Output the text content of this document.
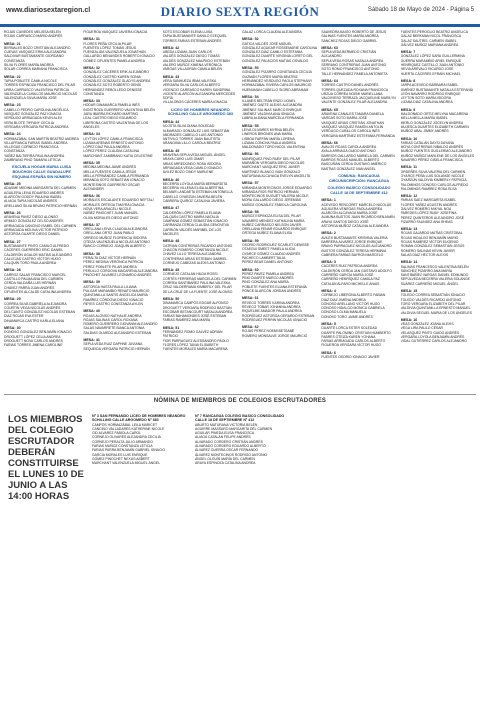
www.diariosextaregion.cl	DIARIO SEXTA REGIÓN	Sábado 18 de Mayo de 2024 - Página 5
ROJAS CAVIEDES MELISSA BELÉN
ROJAS CARRASCO MARIO ANDRÉS
MESA: 21
BERNALES BOZO CRISTIÁN ALEJANDRO
CUEVAS VASQUEZ ERIKA ALEJANDRA
SALDIVAR BUSTAMANTE GIORDANO CONSTANZA
SILVA FLORES MARÍA ANDREA
SOLAR CORREA MARIANA FRANCISCA
MESA: 22
TAPIA POBLETE CAMILA NICOLE
TORRES ESPINOZA FRANCISCO DEL PILAR
URRA CARRASCO VALENTINA PATRICIA
VALENZUELA CUBILLOS MAURICIO NICOLÁS
VALENZUELA SILVA MARÍA JOSÉ
MESA: 23
CABELLO PEDRO CAROLINA ANGÉLICA
VASQUEZ GONZÁLEZ PAZ IGNACIA
VERDUGO ARRIAGADA KEVIN ALEX
VERA BLOTE TIFFANY CECILIA
VERGARA VERGARA PATRICIA ANDREA
MESA: 24
HORMAZÁBAL SAN MARTÍN BEATRIZ ANDREA
VILLAFRANCA FARIAS ISABEL ANDREA
VILLEGAS CORNEJO FRANCISCA CONSTANZA
YAÑEZ BALTIERRA PAULINA ANDREA
ZAMBRANO PINO TAMARA LETICIA
ESCUELA HOGAR MARIA LUISA BOUCHON CALLE GUADALUPE ESQUINA ESPAÑA SIN NÚMERO
MESA: 25
ADASME MEDINA MARGARITA DEL CARMEN
AGUILERA LEIVA EDUARDO ANDRÉS
ALARCÓN GODOY PAULINA ISABEL
ALIAGA TAPIA NICOLÁS ANDRÉS
ARELLANO SILVA BRUNO PATRICIO HERNÁN
MESA: 26
ARAVENA PAVEZ DIEGO ALONSO
ARMIJO GONZÁLEZ CELSO ANDRÉS
ARRIAGADA CANCINO ISABEL DEL CARMEN
ARRIAGADA MOLINA VÍCTOR PATRICIO
ASTORGA GUARTE DIEGO DANIEL
MESA: 27
BUSTAMANTE PINTO CAMILO ALFREDO
CÁCERES GUERRERO ERIC DANIEL
CALDERÓN UGALDE MATÍAS ALEJANDRO
CALLEJAS CASTRO VÍCTOR HUGO
CALQUÍN TORO PAULA ANDREA
MESA: 28
CARROZ SALAS FRANCISCO MARCEL
CASTILLO PALMA ANA DEL CARMEN
CERDA SALDAÑA LUIS HERNÁN
CHAVEZ PARRA JUAN ANDRÉS
CIFUENTES ALCALDE CATALINA ANDREA
MESA: 29
CORREA SILVA GABRIELA ALEJANDRA
COURTIN VEGA NICOLÁS ANDRÉS
DEL CANTO GONZÁLEZ NICOLÁS ESTEBAN
DIAZ ROJAS EVA ESTER
DINAMARCA CASTRO KARLA ELIANA
MESA: 30
DONOSO GONZÁLEZ BENJAMÍN IGNACIO
DROGUETT LÓPEZ CELIA ANDREA
DROGUETT NOVA CARLOS ANDRÉS
FARIAS TORRES JIMENA CAROLINE
FIGUEROA VASQUEZ JAVIERA IGNACIA
MESA: 31
FLORES PEÑA CECILIA PILAR
FUENTES LÓPEZ TOMÁS JESÚS
FUENZALIDA VALENZUELA JONATHAN
GALLARDO BENAVIDES ROBERTO IGNACIO
GÓMEZ CIFUENTES PAMELA ANDREA
MESA: 32
GONZÁLEZ CÁCERES ERIK ALEJANDRO
GONZÁLEZ CASTRO KAREN SONIA
GONZÁLEZ GONZÁLEZ GLADYS ANDREA
GONZÁLEZ SOTO ROBERTO DENÍS
HERNÁNDEZ REBOLLEDO DENISSE CONSTANZA
MESA: 33
HODAR DINAMARCA PAMELA INÉS
INOSTROZA GUERRERO VALENTINA BELÉN
JARA IBARRA RICHARD MARTINO
LEAL CASTRO DIEGO EDUARDO
LIBERONA CASTRO VALENTINA DE LOS ÁNGELES
MESA: 34
LEYTON LÓPEZ CAMILA FRANCISCA
LIZAMA ARENAS ERNESTO ANTONIO
LÓPEZ DÍAZ PAULA ANDREA
LÓPEZ PEREZ CLAUDIA CATALINA
MARCHANT ZAMBRANO KATIA CELESTINE
MESA: 35
MEDINA MEDINA JAIME ANDRÉS
MELLA FUENTES CAMILA JESÚS
MELLA FERNÁNDEZ CAMILA FERNANDA
MIRANDA SOTO SEBASTIÁN IGNACIO
MONTESINOS GUERRERO OSCAR ALEXANDER
MESA: 36
MORALES ESCALANTE EDUARDO NEFTALÍ
MORALES ORTEGA TAMYRA IGNACIA
NOVA VERA ARACELI NICOLE
NÚÑEZ PINOCHET JUAN MANUEL
OLIVA MORALES DIEGO ANTONIO
MESA: 37
ORELLANA LEIVA CLAUDIA ALEJANDRA
ORELLANA ORTIZ JUAN PABLO
ORREGO MUÑOZ FLORENCIA ISIDORA
OTEIZA VALENZUELA NICOLÁS ANTONIO
ÑANCO CORNEJO JOAQUÍN ALBERTO
MESA: 38
PERALTA DIAZ VÍCTOR HERNÁN
PEREZ MEDINA VERÓNICA PATRICIA
PEREZ POBLETE PILAR ANDREA
PERULLO CÓRDOVA MACARENA ALEJANDRA
PINOCHET ALVAREZ LEONARDO ANDRÉS
MESA: 39
ASTORGA HASTA PAULA LILIANA
PULGAR MARAMBIO RENATO MAURICIO
QUINTANILLA SANTIS ÁNGELICA MARÍA
RAMÍREZ CÓRDOVA DIEGO IGNACIO
REYES CASTRO CONSTANZA AYLEN
MESA: 40
ROJAS ALONSO NATHALIE ANDREA
ROJAS SALINAS CAROL ROXANA
ROMERO GUERRERO GIOVANNI ALEJANDRO
SALAS NAVARRETE BIANCA ANTONIA
SALDIAS OLMEDO ALEJANDRO ESTEBAN
MESA: 41
SEPULVEDA RUIZ DAPHNE JUVIANA
SEQUEIDA VERGARA PATRICIO HERNÁN
SOTO ESCOBAR ELENA LUISA
TAPIA BUSTAMANTE DANILO EZEQUIEL
TORRES FARIAS ESTEBAN ANDRÉS
MESA: 42
UBEDA LIZAMA JUAN CARLOS
VALDÉS GONZÁLEZ DIEGO TOMÁS
VALDÉS GONZÁLEZ MAURICIO ESTEBAN
VALERO MUÑOZ XIMENA VERÓNICA
VARGAS VILLAGRÁN CAMILA BELÉN
MESA: 43
VERA SANHUEZA IRMA VALESKA
VERGARA SILVA CARLOS ALBERTO
VICENCIO CARRASCO KAREN SANDRINA
VICENTE ALARCÓN ALEJANDRA MERCEDES SOFÍA
VILLALOBOS CÁCERES MARÍA IGNACIA
LICEO DE HOMBRES NEANDRO SCHILLING CALLE ARGOMEDO 383
MESA: 44
ACOSTA SILVA DIANA SOLEDAD
ALMARADO GONZÁLEZ LUIS SEBASTIÁN
ANDRADES CABELLO LUIS ANTONIO
ANTIVILO TORRES JUAN BAUTISTA
ARANCIBIA LILLO CAROLA BEATRIZ
MESA: 45
ARAVENA SEPULVEDA MIGUEL ÁNGEL
ARAYA CARO LUIS OMAR
ARIAS ARREDONDO ROSA ISIDORA
ARRIAGADA VEGA CAMILO IGNACIO
AVILEZ BOZO CINDY MARLENE
MESA: 46
BECERRA LOYOLA MARÍA BERNARDITA
BECERRA VILLENA ELISA ALBERTINA
BELMAR LANDAETA ESTEBAN ANTONELLA
CABELLO OYARZÚN JAVIERA BELÉN
CABRERA QUIROZ CATALINA JAVIERA
MESA: 47
CALDERÓN LÓPEZ PAMELA ELIANA
CALQUÍN CASTRO MARÍA NATALIA
CAMPANA GÓMEZ SEBASTIÁN IGNACIO
CARRANZA CERDA CLAUDIA GENOVEVA
CARRIÓN VALDÉS MARIBEL DE LOS ÁNGELES
MESA: 48
CATRIAN CONTRERAS RICARDO ANTONIO
CHACÓN ROMERO CONSTANZA NICOLE
CHAVEZ LILLO TERESA ALEJANDRA
CONTRERAS ARIAS ESTEBAN GABRIEL
CORNEJO CABEZAS ALEXIS ANTONIO
MESA: 49
CORNEJO CATALAN HILDA ROSSI
CORTÉS FERRERAS MARCELA DEL CARMEN
CORREA SANTIBAÑEZ PAULINA VALESKA
CRUZ VALDERRAMA KIMBERLY DEL PILAR
DE LA CRUZ DE LA FUENTE JOSÉ ALONSO
MESA: 50
DINAMARCA CAMPOS EDGAR ALFONSO
DROGUETT VERGARA RODRIGO BASTIÁN
ESCOBAR BETANCOURT NATALIA ANDREA
FARIAS BAHAMONDES JOSÉ ESTEBAN
FARIAS RAMÍREZ ANA MARÍA
MESA: 51
FERNÁNDEZ ROMO GALVEZ ADRIÁN PATRICIO
FIOR PARRAGUEZ ALESSANDRO PAOLO
FLORES LÓPEZ TANIA ELISABETH
FUENTES MORALES MARÍA MACARENA
GALAZ LORCA CLAUDIA ALEJANDRA
MESA: 52
GATICA VALDÉS JOSÉ MIGUEL
GONZÁLEZ AGUEAR ROSSEMARIE CAROLINA
GONZÁLEZ DÍAZ CAMILO ESTEFANIA
GONZÁLEZ DUARTE VIRGINIA LORETO DEL
GONZÁLEZ PALACIOS MATIAS OSVALDO
MESA: 53
GONZÁLEZ PIZARRO CONSTANZA CECILIA
GUZMÁN FLORES MARÍA BEATRIZ
HERNÁNDEZ VERDUGO PAOLA STEPHANY
HORMAZÁBAL RIVERA CARLOS MAURICIO
HUENUMAN CABELLO SIGRID ABRAHAM
MESA: 54
ILLANES BELTRÁN ENZO LIONEL
JIMÉNEZ GAETE ALEXIS ALEJANDRA
JIMÉNEZ SALINAS MARCO ENRIQUE
JIMÉNEZ VALDIVIA ANA IGNACIA
LABRA ALDANA MARCELA FERNANDA
MESA: 55
LEIVA OLIVARES MYRNA BELÉN
LINEROS BRIONES ANA MARÍA
LISBOA FARFÁN MARÍA LORENA
LIZAMA CONCHA PAULA ANDREA
MALDONADO TORO NICOL VALENTINA
MESA: 56
MANRIQUEZ PINO RUBY DEL PILAR
MARAÑON VERGARA DIEGO NICOLÁS
MARCHANT VASQUEZ ERIC JAVIER
MARTINEZ BLANCO IVAN GONZALO
MATURANA ALCAYAGA EVELYN ANGELITA
MESA: 57
MIRANDA MONTECINOS JORGE EDUARDO
MIRANDA RIOS PATRICIO HERNÁN
MONTECINOS DUGUET VALERIA NICOLE
MORA GALLARDO DIEGO JEREMÍAS
MUÑOZ GONZÁLEZ FABIOLA CAROLINA
MESA: 58
MUÑOZ ESPINOZA ELISA DEL PILAR
NAVARRO MENDEZ KATHALINA MARÍA
NUÑEZ CARRASCO NELSON JAVIER
ORELLANA FENAR EDUARDO ENRIQUE
ORTEGA NÚÑEZ ELIANA ELISA
MESA: 59
OSORIO RODRÍGUEZ SCARLET DENISSE
OTAEGUI SMEET PAMELA ALICIA
OYARCE GÓMEZ CLAUDIO ANDRÉS
PACHECO LAMBERT TALÍA
PEREZ BEAS DANIEL ANTONIO
MESA: 60
PEREZ PAVEZ PAMELA ANDREA
PINO DUARTE MARCO ANDRÉS
PINO GONZÁLEZ ANA MARÍA
POBLETE FUENTES ELIANA ESTEFANÍA
PONCE ALARCÓN JORDAN ANDRÉS
MESA: 61
REVECO TORRES KARINA ANDREA
REVECO TOBAR JOHANNA ANDREA
RIQUELME AMADOR PAULA ANDREA
RODRÍGUEZ ASTORGA GERARDO ESTEBAN
RODRÍGUEZ PERRIN NICOLÁS IGNACIO
MESA: 62
ROJAS PEREZ NOEMI BETSABÉ
ROMERO MONSALVE JORGE MAURICIO
SAAVEDRA BAIGO ROBERTO DE JESÚS
SALINAS FUENTES MARÍA ANDREA
SÁNCHEZ ROJAS DIEGO GABRIEL
MESA: 63
SEPULVEDA BERMEDO CRISTIÁN ALEJANDRO
SEPULVEDA ROSAS NATALIA ANDREA
SERRANO CONTRERAS JUAN ANTONIO
SOTO ROMO FRANCISCO ANTONIO
TALLE HERNÁNDEZ PAMELA ANTONIETA
MESA: 64
TORRES CASTRO DANIEL ANDRÉS
TORRES QUEZADA ROXANA FRANCISCA
URZÚA CORREA NOEMI MARIELLANA
VALDIVIESO TERRAZA JACQUELINE MARILYN
VALENTE GONZÁLEZ PILAR ALEJANDRA
MESA: 65
ARAVENA CANALES TAMARA DANIELA
VARGAS SOTO MARÍA JOSÉ
VASQUEZ ARIAS CRISTIÁN JONATHAN
VASQUEZ VASQUEZ RAMÓN ANTOLÍN
VERDUGO CUBILLOS CAROLA INÉS
VERGARA MARTÍNEZ ESTEFANÍA FERNANDA
MESA: 66
AVALOS ROJAS CAROLA ANDREA
AYALA ARRIAGA GUIDO ANTONIO
BARRIOS GALLARDO MARIELA DEL CARMEN
BARROS ROJAS MANUEL ALBERTO
BASCUÑÁN CERDA GUSTAVO AMÉRICO
BASTÍAS GONZÁLEZ IVAN ANGEL
COMUNA: RANCAGUA CIRCUNSCRIPCIÓN: RANCAGUA
COLEGIO BASICO CONSOLIDADO CALLE 18 DE SEPTIEMBRE 412
MESA: 1
ACEVEDO RENCORET MARCELO NICOLÁS
AGUILERA VENEGAS PAOLA ANDREA
ALARCÓN ALCAYAGA MARÍA JOSÉ
ALMUNA BUSTOS JUAN RICARDO BENJAMÍN
ARAYA SANTOS DIEGO JOSÉ
ASTORGA MUÑOZ CATALINA ALEJANDRA
MESA: 2
AVILÉS BUSTAMANTE KRISHNA VALERIA
BARRERA ÁLVAREZ JORGE ENRIQUE
BRAVO PARRAGUEZ NICOLÁS ALEJANDRO
BUSTOS GONZÁLEZ TERESA HERMINIA
CABRERA FARÍAS BAYRON MARCELO
MESA: 3
CACERES RUIZ PATRICIA ANDREA
CALDERÓN CERDA JAN GUSTAVO ADOLFO
CARREÑO GARCÍA MARÍA JOSÉ
CARREÑO HENRÍQUEZ CAMILA PAZ
CATALÁN ALFARO MICHELLE ANAIS
MESA: 4
CORNEJO LIBERONA ALBERTO FABIAN
DIAZ DIAZ JIMENA ANDREA
DONOSO ARELLANO VÍCTOR HUGO
DONOSO HIDALGO MONICA GABRIELA
DONOSO LOLMA MANUELA
DONOSO TORO JAIME ANDRÉS
MESA: 5
DUARTE LORCA ESTER SOLEDAD
DUARTE PALOMINO CRISTIAN HUMBERTO
FABRES OTEIZA KAREN YOHANA
FARIAS ARRIAGADA CARLOS ALBERTO
FIGUEROA VERGARA VÍCTOR HUGO
MESA: 6
FUENTES OSORIO IGNACIO JAVIER
FUENTES PEROGLIO BEATRIZ ANGÉLICA
GALAZ BERKMAN NICOL FRANCISCA
GALAZ SAUTREL CARMEN ISABEL
GÁLVEZ MUÑOZ MARIANA ANDREA
MESA: 7
GONZÁLEZ LÓPEZ SARA GUILLERMINA
GUERRA MARAMBIO ARIEL ENRIQUE
HENRIQUEZ CASTILLO JUAN ANTONIO
HEVIA ARÉVALO RICARDO JOSÉ
HUERTA CÁCERES EFRAÍN MICHAEL
MESA: 8
JARPA ACEVEDO BÁRBARA ISABEL
JIMÉNEZ BUSTAMANTE NATALIA ESTEFANÍA
LEÓN NAVARRO RODRIGO ENRIQUE
LEYTON SOTO MARÍA ISIDORA
LIZANA DIAZ CATALINA ANDREA
MESA: 9
MALDONADO ORTIZ MELYNA MACARENA
MELLA MELLA MARÍA ISABEL
MERLO GONZÁLEZ JOCELYN ANDREA
MUJESCA DUARTES ELIZABETH CARMEN
MUÑOZ ABAL JIMMY ANDRÉS
MESA: 10
FARIAS CATALÁN DAYSI DAYANA
MOYA CONTRERAS NIBALDO ANDRÉS
MUÑOZ FUENTES GUILLERMO ALEJANDRO
MUÑOZ MUÑOZ MARLENE DE LOS ÁNGELES
NAVARRO PÉREZ GISELA FRANCISCA
MESA: 11
ORDEÑES SILVA VALERIA DEL CARMEN
OYARCE PEÑA LUIS SOLANGE NICOLE
OYARZÚN VALDIVIA KIMBERLY PATRICIA
PALOMINOS DONOSO CARLOS ALFREDO
PALOMINOS RAMÍREZ ROSA ELSA
MESA: 12
PARIAS SAEZ MARGARITA ISABEL
FLORES YAÑEZ AGUSTÍN ANDRÉS
GALVEZ ROMERO MIKYAL NOA
PAREDES LÓPEZ RUBY JOSEFINA
PEREZ QUINTEROS ALEJANDRO JOSÉ
PIZARRO FAUNDEZ ANA RHEAS
MESA: 13
ROJAS GAJARDO MATÍAS CRISTOBAL
ROJAS HIDALGO BENJAMÍN MARIO
ROJAS RAMÍREZ VÍCTOR EUGENIO
ROMÁN GONZÁLEZ SEBASTIÁN JESÚS
ROMERO SALINAS KEVIN JAVIER
SALAS DÍAZ HÉCTOR ALEXIS
MESA: 14
SALINAS FRANCESCO VALENTINA BELÉN
SÁNCHEZ PIZARRO ANA MARÍA
SANTIBÁÑEZ VARGAS DANIEL EDMUNDO
SEPÚLVEDA BECERRA VALERIA SOLANGE
SUÁREZ CARREÑO MIGUEL ÁNGEL
MESA: 15
TOLEDO CORREA SEBASTIÁN IGNACIO
TOLEDO VALDÉS RICARDO ANTONIO
TORO VERGARA ELIZABETH DEL PILAR
VALDIVIA QUINTANILLA ERNESTO MANUEL
VALDIVIA SEGUEL MARIA DE LOS ÁNGELES
MESA: 16
VEAS GONZÁLEZ JOANA ALEXIS
VEGA LIRA PAULO CÉSAR
VELASQUEZ PINTO GUIDO ANDRÉS
VERGARA LOYOLA BENJAMÍN ANDRÉS
VIDAL GUTIÉRREZ CARLOS ALEJANDRO
NÓMINA DE MIEMBROS DE COLEGIOS ESCRUTADORES
LOS MIEMBROS DEL COLEGIO ESCRUTADOR DEBERÁN CONSTITUIRSE EL LUNES 10 DE JUNIO A LAS 14:00 HORAS
Nº 3 SAN FERNANDO LICEO DE HOMBRES NEANDRO SCHILLING CALLE ARGOMEDO Nº 383
CAMPOS HORMAZÁBAL LEILA MARICET
CANCINO VALLADARES KATHERINE NICOLE
CID ALVAREZ FABIOLA CAROL
CORNEJO OLIVARES ALEJANDRA CECILIA
CORNEJO PERALTA JULIO ARMANDO
FARIAS MUÑOZ CONSTANZA LETICIA
FARIAS PARRA BENJAMÍN GABRIEL IGNACIO
GARCIA MORALES LUIS ENRIQUE
GÓMEZ PINOCHET NEXUS ASBERT
MARCHANT VALENZUELA MIGUEL ÁNGEL
Nº 7 RANCAGUA COLEGIO BASICO CONSOLIDADO CALLE 18 DE SEPTIEMBRE Nº 412
ABURTO MATURANA VICTORIA BELÉN
AGUIRRE MASSARO MARGARITA DEL CARMEN
AGUILAR PINEDA ELISA FRANCISCA
ALIAGA CATALÁN FELIPE ANDRÉS
ALVARADO CORDERO CRISTIÁN ANDRÉS
ALVARADO CORDERO EDUARDO ALBERTO
ÁLVAREZ GUERRA OSCAR FERNANDO
ÁLVAREZ MONTECINOS RODRIGO ANTONIO
ÁNGEL OLGUÍN MARÍA DEL CARMEN
ARAYA ESPINOZA CATALINA ANDREA
